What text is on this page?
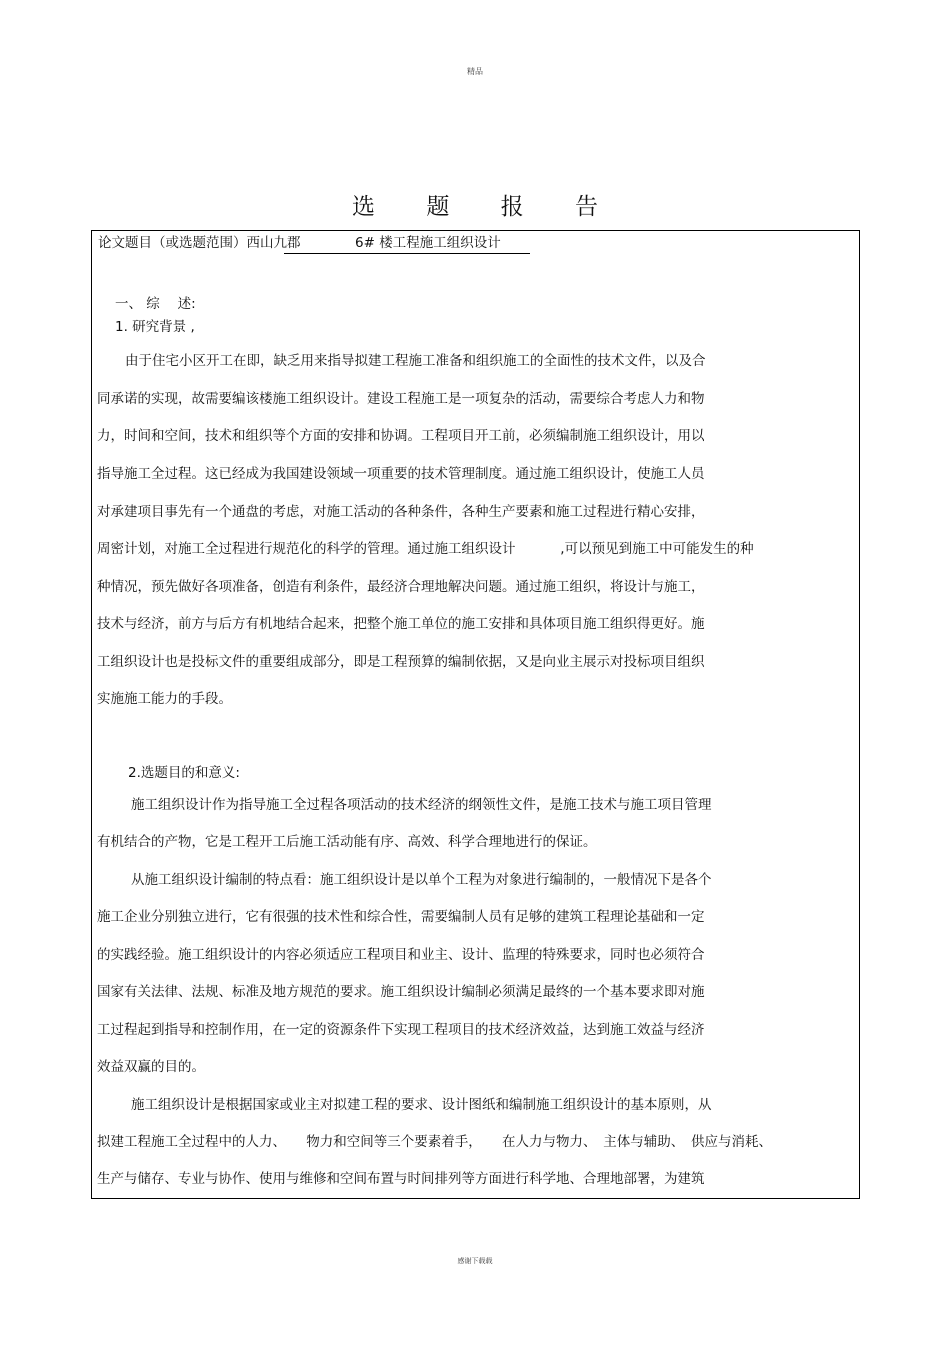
精品
选 题 报 告
论文题目（或选题范围）西山九郡	6# 楼工程施工组织设计
一、 综　 述:
1. 研究背景 ,
由于住宅小区开工在即，缺乏用来指导拟建工程施工准备和组织施工的全面性的技术文件，以及合
同承诺的实现，故需要编该楼施工组织设计。建设工程施工是一项复杂的活动，需要综合考虑人力和物
力，时间和空间，技术和组织等个方面的安排和协调。工程项目开工前，必须编制施工组织设计，用以
指导施工全过程。这已经成为我国建设领域一项重要的技术管理制度。通过施工组织设计，使施工人员
对承建项目事先有一个通盘的考虑，对施工活动的各种条件，各种生产要素和施工过程进行精心安排，
周密计划，对施工全过程进行规范化的科学的管理。通过施工组织设计　　　 ,可以预见到施工中可能发生的种
种情况，预先做好各项准备，创造有利条件，最经济合理地解决问题。通过施工组织，将设计与施工，
技术与经济，前方与后方有机地结合起来，把整个施工单位的施工安排和具体项目施工组织得更好。施
工组织设计也是投标文件的重要组成部分，即是工程预算的编制依据，又是向业主展示对投标项目组织
实施施工能力的手段。
2.选题目的和意义:
施工组织设计作为指导施工全过程各项活动的技术经济的纲领性文件，是施工技术与施工项目管理
有机结合的产物，它是工程开工后施工活动能有序、高效、科学合理地进行的保证。
从施工组织设计编制的特点看：施工组织设计是以单个工程为对象进行编制的，一般情况下是各个
施工企业分别独立进行，它有很强的技术性和综合性，需要编制人员有足够的建筑工程理论基础和一定
的实践经验。施工组织设计的内容必须适应工程项目和业主、设计、监理的特殊要求，同时也必须符合
国家有关法律、法规、标准及地方规范的要求。施工组织设计编制必须满足最终的一个基本要求即对施
工过程起到指导和控制作用，在一定的资源条件下实现工程项目的技术经济效益，达到施工效益与经济
效益双赢的目的。
施工组织设计是根据国家或业主对拟建工程的要求、设计图纸和编制施工组织设计的基本原则，从
拟建工程施工全过程中的人力、　　物力和空间等三个要素着手，　　在人力与物力、　主体与辅助、　供应与消耗、
生产与储存、专业与协作、使用与维修和空间布置与时间排列等方面进行科学地、合理地部署，为建筑
感谢下载载
